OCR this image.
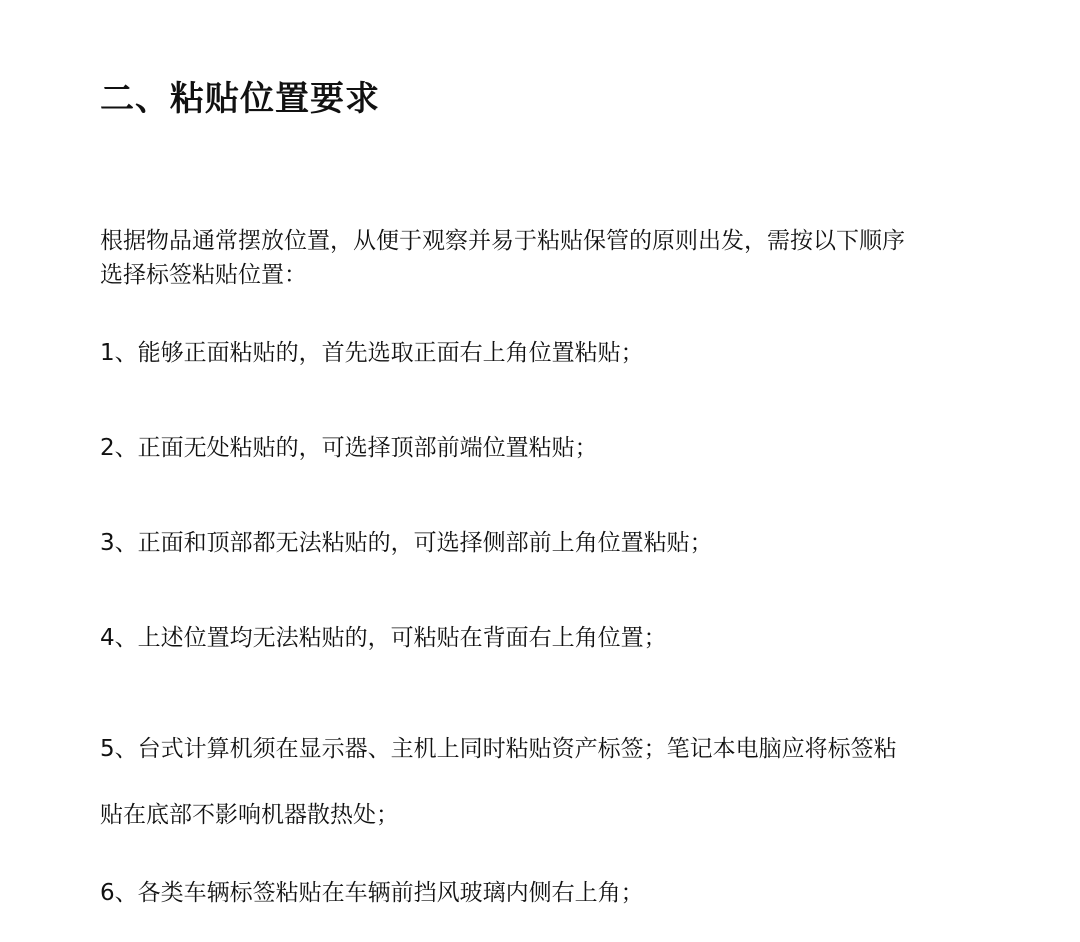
二、粘贴位置要求

根据物品通常摆放位置，从便于观察并易于粘贴保管的原则出发，需按以下顺序
选择标签粘贴位置：

1、能够正面粘贴的，首先选取正面右上角位置粘贴；

2、正面无处粘贴的，可选择顶部前端位置粘贴；

3、正面和顶部都无法粘贴的，可选择侧部前上角位置粘贴；

4、上述位置均无法粘贴的，可粘贴在背面右上角位置；

5、台式计算机须在显示器、主机上同时粘贴资产标签；笔记本电脑应将标签粘
贴在底部不影响机器散热处；

6、各类车辆标签粘贴在车辆前挡风玻璃内侧右上角；
